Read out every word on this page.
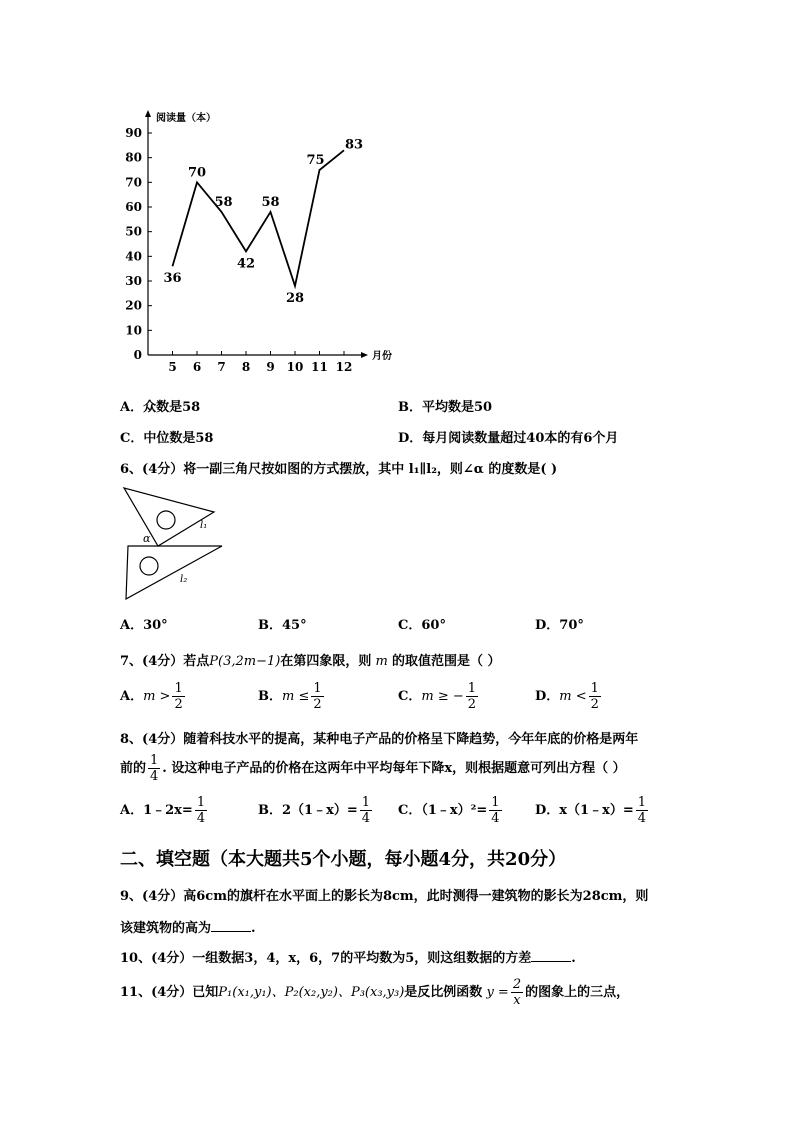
阅读量（本）
月份
0
10
20
30
40
50
60
70
80
90
5 6 7 8 9 10 11 12
36
70
58
42
58
28
75
83
A．众数是58	B．平均数是50
C．中位数是58	D．每月阅读数量超过40本的有6个月
6、(4分）将一副三角尺按如图的方式摆放，其中 l₁∥l₂，则∠α 的度数是( )
α
l₁
l₂
A．30°	B．45°	C．60°	D．70°
7、(4分）若点P(3,2m−1)在第四象限，则 m 的取值范围是（ ）
A．$m > \frac{1}{2}$	B．$m \le \frac{1}{2}$	C．m ≥ − $\frac{1}{2}$	D．$m < \frac{1}{2}$
8、(4分）随着科技水平的提高，某种电子产品的价格呈下降趋势，今年年底的价格是两年
前的 $\frac{1}{4}$ . 设这种电子产品的价格在这两年中平均每年下降x，则根据题意可列出方程（ ）
A．1﹣2x= $\frac{1}{4}$	B．2（1﹣x）= $\frac{1}{4}$ C．（1﹣x）²= $\frac{1}{4}$	D．x（1﹣x）= $\frac{1}{4}$
二、填空题（本大题共5个小题，每小题4分，共20分）
9、(4分）高6cm的旗杆在水平面上的影长为8cm，此时测得一建筑物的影长为28cm，则
该建筑物的高为	.
10、(4分）一组数据3，4，x，6，7的平均数为5，则这组数据的方差	.
11、(4分）已知P₁(x₁,y₁)、P₂(x₂,y₂)、P₃(x₃,y₃)是反比例函数 $y = \frac{2}{x}$ 的图象上的三点，
